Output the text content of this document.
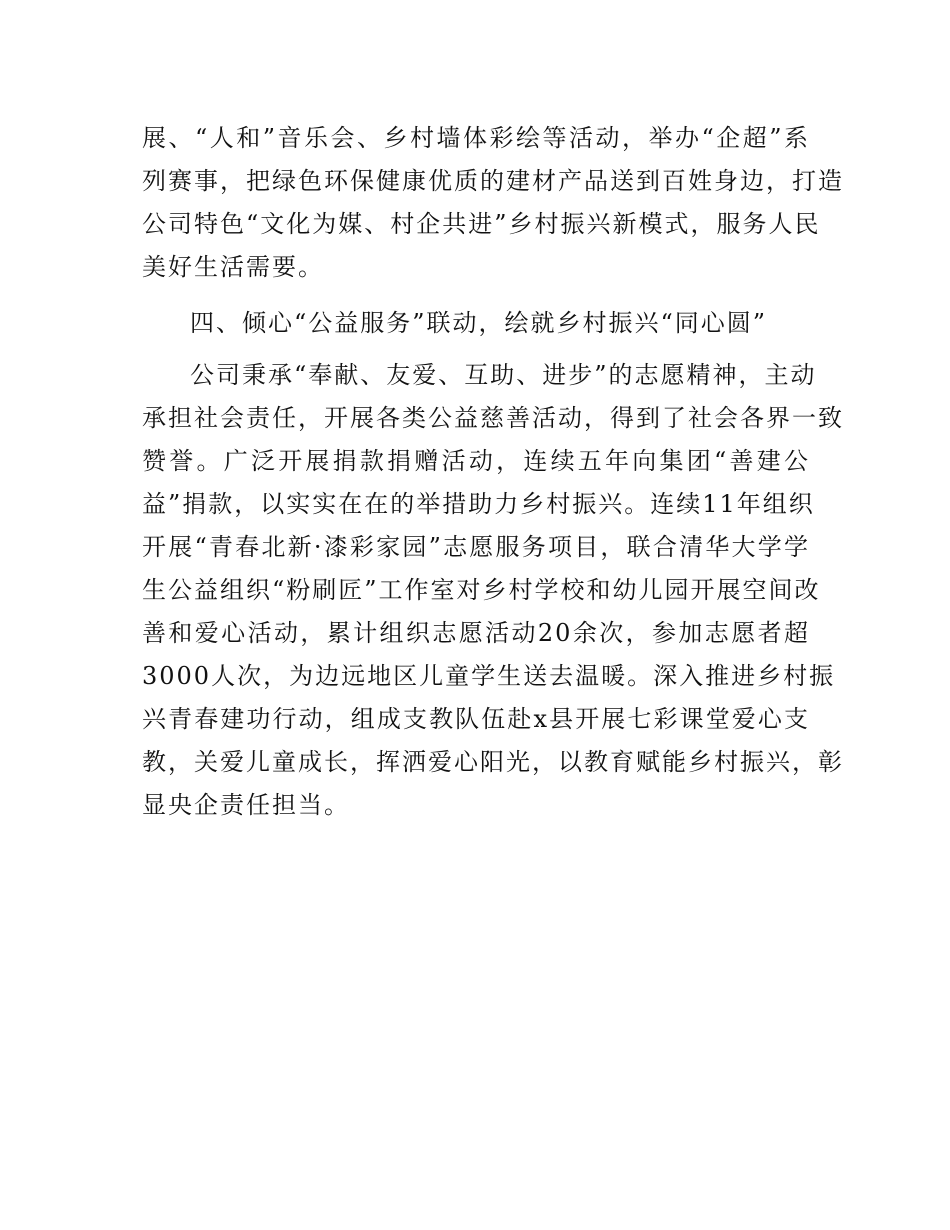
展、“人和”音乐会、乡村墙体彩绘等活动，举办“企超”系
列赛事，把绿色环保健康优质的建材产品送到百姓身边，打造
公司特色“文化为媒、村企共进”乡村振兴新模式，服务人民
美好生活需要。
四、倾心“公益服务”联动，绘就乡村振兴“同心圆”
公司秉承“奉献、友爱、互助、进步”的志愿精神，主动
承担社会责任，开展各类公益慈善活动，得到了社会各界一致
赞誉。广泛开展捐款捐赠活动，连续五年向集团“善建公
益”捐款，以实实在在的举措助力乡村振兴。连续11年组织
开展“青春北新·漆彩家园”志愿服务项目，联合清华大学学
生公益组织“粉刷匠”工作室对乡村学校和幼儿园开展空间改
善和爱心活动，累计组织志愿活动20余次，参加志愿者超
3000人次，为边远地区儿童学生送去温暖。深入推进乡村振
兴青春建功行动，组成支教队伍赴x县开展七彩课堂爱心支
教，关爱儿童成长，挥洒爱心阳光，以教育赋能乡村振兴，彰
显央企责任担当。
